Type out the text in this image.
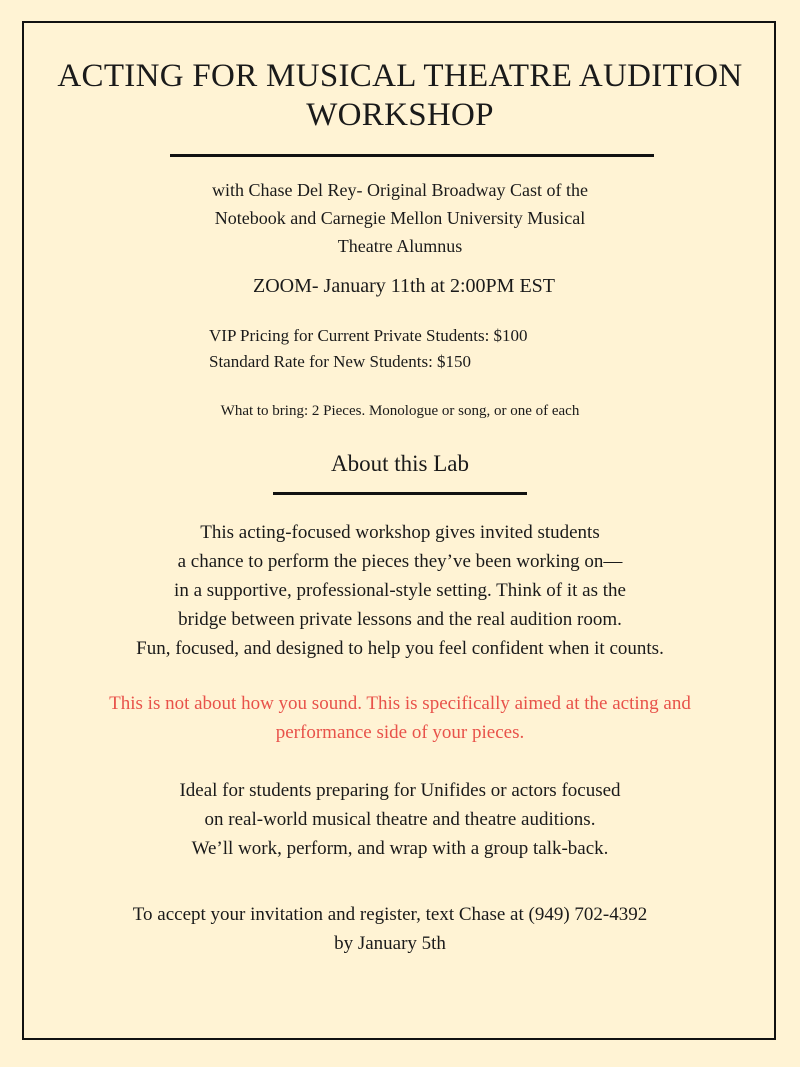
ACTING FOR MUSICAL THEATRE AUDITION
WORKSHOP
with Chase Del Rey- Original Broadway Cast of the
Notebook and Carnegie Mellon University Musical
Theatre Alumnus
ZOOM- January 11th at 2:00PM EST
VIP Pricing for Current Private Students: $100
Standard Rate for New Students: $150
What to bring: 2 Pieces. Monologue or song, or one of each
About this Lab
This acting-focused workshop gives invited students
a chance to perform the pieces they’ve been working on—
in a supportive, professional-style setting. Think of it as the
bridge between private lessons and the real audition room.
Fun, focused, and designed to help you feel confident when it counts.
This is not about how you sound. This is specifically aimed at the acting and
performance side of your pieces.
Ideal for students preparing for Unifides or actors focused
on real-world musical theatre and theatre auditions.
We’ll work, perform, and wrap with a group talk-back.
To accept your invitation and register, text Chase at (949) 702-4392
by January 5th
